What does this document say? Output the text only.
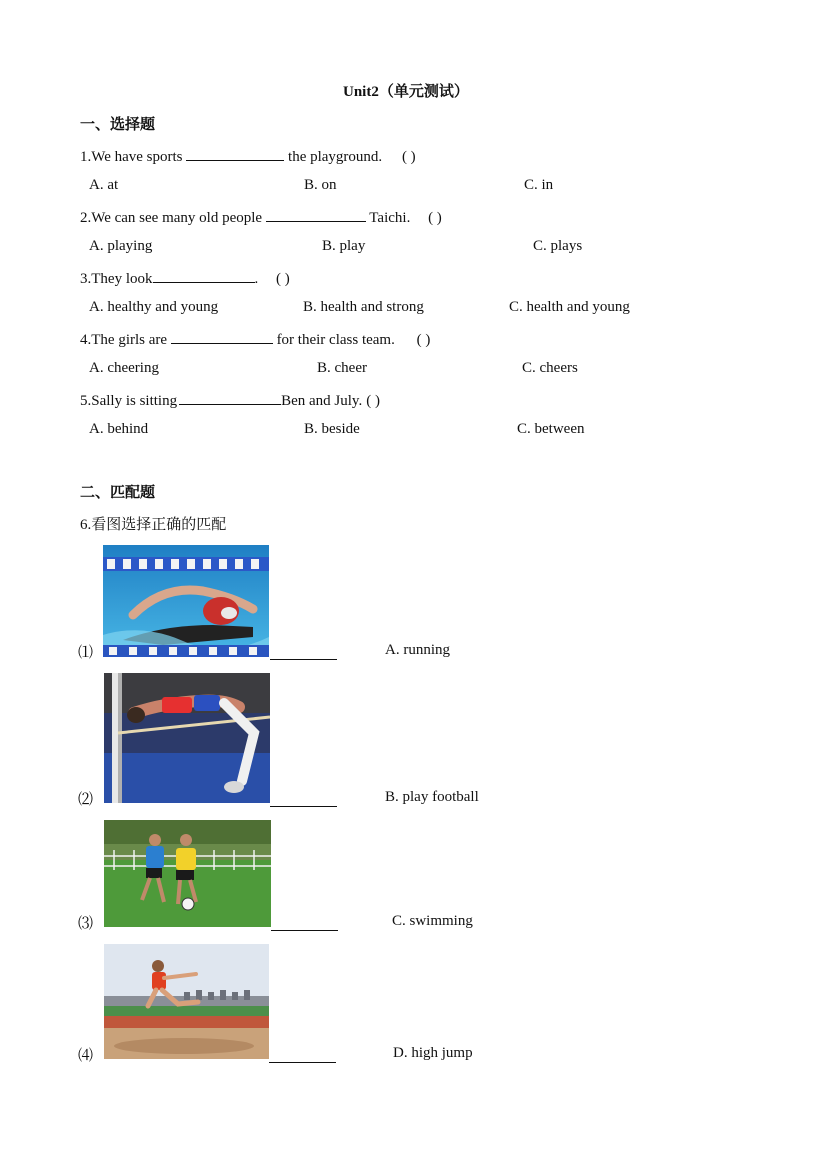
Unit2（单元测试）
一、选择题
1.We have sports	the playground. ( )
A. at	B. on	C. in
2.We can see many old people	Taichi. ( )
A. playing	B. play	C. plays
3.They look	. ( )
A. healthy and young	B. health and strong	C. health and young
4.The girls are	for their class team. ( )
A. cheering	B. cheer	C. cheers
5.Sally is sitting	Ben and July. ( )
A. behind	B. beside	C. between
二、匹配题
6.看图选择正确的匹配
⑴	A. running
⑵	B. play football
⑶	C. swimming
⑷	D. high jump
